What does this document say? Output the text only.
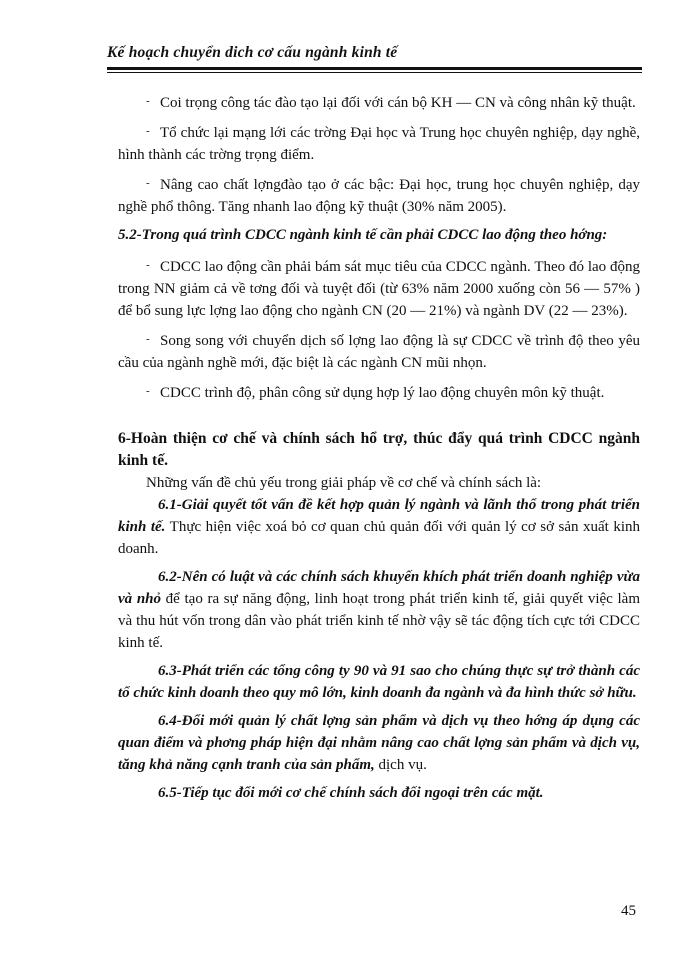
Kế hoạch chuyển dich cơ cấu ngành kinh tế

- Coi trọng công tác đào tạo lại đối với cán bộ KH — CN và công nhân kỹ thuật.

- Tổ chức lại mạng lới các trờng Đại học và Trung học chuyên nghiệp, dạy nghề, hình thành các trờng trọng điểm.

- Nâng cao chất lợngđào tạo ở các bậc: Đại học, trung học chuyên nghiệp, dạy nghề phổ thông. Tăng nhanh lao động kỹ thuật (30% năm 2005).

5.2-Trong quá trình CDCC ngành kinh tế cần phải CDCC lao động theo hớng:

- CDCC lao động cần phải bám sát mục tiêu của CDCC ngành. Theo đó lao động trong NN giảm cả về tơng đối và tuyệt đối (từ 63% năm 2000 xuống còn 56 — 57% ) để bổ sung lực lợng lao động cho ngành CN (20 — 21%) và ngành DV (22 — 23%).

- Song song với chuyển dịch số lợng lao động là sự CDCC về trình độ theo yêu cầu của ngành nghề mới, đặc biệt là các ngành CN mũi nhọn.

- CDCC trình độ, phân công sử dụng hợp lý lao động chuyên môn kỹ thuật.

6-Hoàn thiện cơ chế và chính sách hổ trợ, thúc đẩy quá trình CDCC ngành kinh tế.

Những vấn đề chủ yếu trong giải pháp về cơ chế và chính sách là:

6.1-Giải quyết tốt vấn đề kết hợp quản lý ngành và lãnh thổ trong phát triển kinh tế. Thực hiện việc xoá bỏ cơ quan chủ quản đối với quản lý cơ sở sản xuất kinh doanh.

6.2-Nên có luật và các chính sách khuyến khích phát triển doanh nghiệp vừa và nhỏ để tạo ra sự năng động, linh hoạt trong phát triển kinh tế, giải quyết việc làm và thu hút vốn trong dân vào phát triển kinh tế nhờ vậy sẽ tác động tích cực tới CDCC kinh tế.

6.3-Phát triển các tổng công ty 90 và 91 sao cho chúng thực sự trở thành các tổ chức kinh doanh theo quy mô lớn, kinh doanh đa ngành và đa hình thức sở hữu.

6.4-Đổi mới quản lý chất lợng sản phẩm và dịch vụ theo hớng áp dụng các quan điểm và phơng pháp hiện đại nhằm nâng cao chất lợng sản phẩm và dịch vụ, tăng khả năng cạnh tranh của sản phẩm, dịch vụ.

6.5-Tiếp tục đổi mới cơ chế chính sách đối ngoại trên các mặt.

45
